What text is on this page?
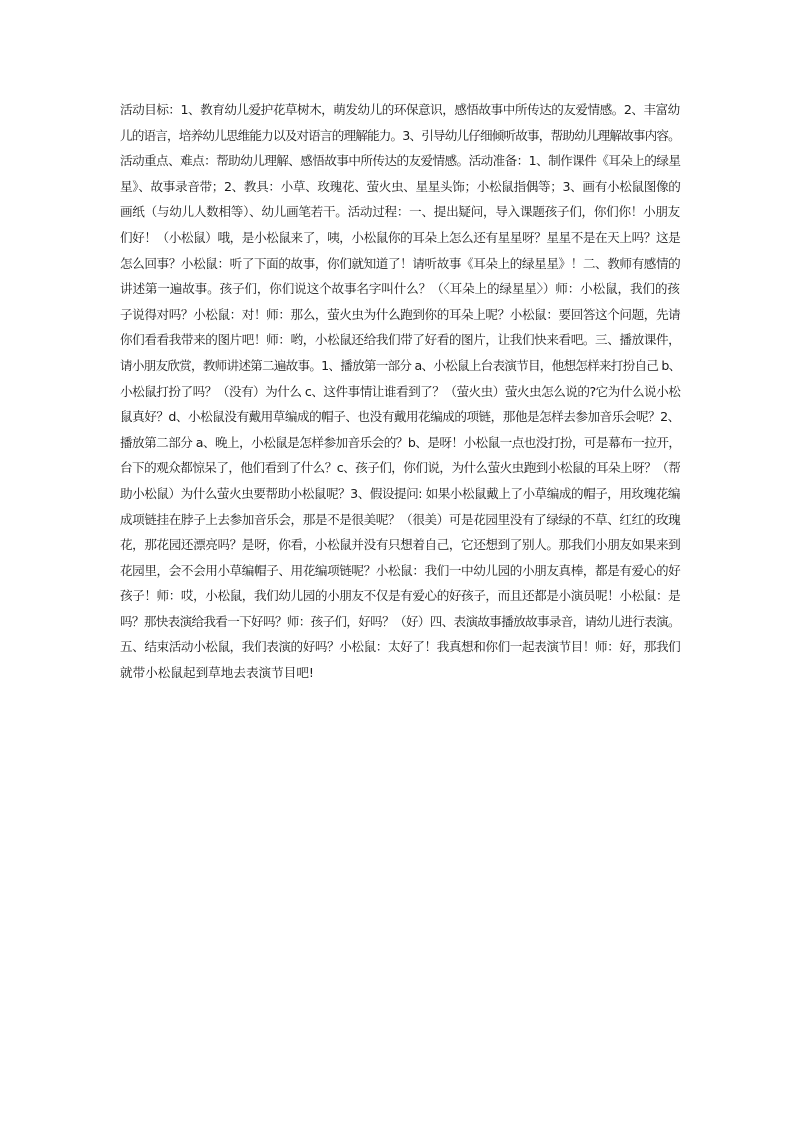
活动目标：1、教育幼儿爱护花草树木，萌发幼儿的环保意识，感悟故事中所传达的友爱情感。2、丰富幼
儿的语言，培养幼儿思维能力以及对语言的理解能力。3、引导幼儿仔细倾听故事，帮助幼儿理解故事内容。
活动重点、难点：帮助幼儿理解、感悟故事中所传达的友爱情感。活动准备：1、制作课件《耳朵上的绿星
星》、故事录音带；2、教具：小草、玫瑰花、萤火虫、星星头饰；小松鼠指偶等；3、画有小松鼠图像的
画纸（与幼儿人数相等）、幼儿画笔若干。活动过程：一、提出疑问，导入课题孩子们，你们你！小朋友
们好！（小松鼠）哦，是小松鼠来了，咦，小松鼠你的耳朵上怎么还有星星呀？星星不是在天上吗？这是
怎么回事？小松鼠：听了下面的故事，你们就知道了！请听故事《耳朵上的绿星星》！二、教师有感情的
讲述第一遍故事。孩子们，你们说这个故事名字叫什么？（〈耳朵上的绿星星〉）师：小松鼠，我们的孩
子说得对吗？小松鼠：对！师：那么，萤火虫为什么跑到你的耳朵上呢？小松鼠：要回答这个问题，先请
你们看看我带来的图片吧！师：哟，小松鼠还给我们带了好看的图片，让我们快来看吧。三、播放课件，
请小朋友欣赏，教师讲述第二遍故事。1、播放第一部分 a、小松鼠上台表演节目，他想怎样来打扮自己 b、
小松鼠打扮了吗？（没有）为什么 c、这件事情让谁看到了？（萤火虫）萤火虫怎么说的?它为什么说小松
鼠真好？d、小松鼠没有戴用草编成的帽子、也没有戴用花编成的项链，那他是怎样去参加音乐会呢？2、
播放第二部分 a、晚上，小松鼠是怎样参加音乐会的？b、是呀！小松鼠一点也没打扮，可是幕布一拉开，
台下的观众都惊呆了，他们看到了什么？c、孩子们，你们说，为什么萤火虫跑到小松鼠的耳朵上呀？（帮
助小松鼠）为什么萤火虫要帮助小松鼠呢？3、假设提问: 如果小松鼠戴上了小草编成的帽子，用玫瑰花编
成项链挂在脖子上去参加音乐会，那是不是很美呢？（很美）可是花园里没有了绿绿的不草、红红的玫瑰
花，那花园还漂亮吗？是呀，你看，小松鼠并没有只想着自己，它还想到了别人。那我们小朋友如果来到
花园里，会不会用小草编帽子、用花编项链呢？小松鼠：我们一中幼儿园的小朋友真棒，都是有爱心的好
孩子！师：哎，小松鼠，我们幼儿园的小朋友不仅是有爱心的好孩子，而且还都是小演员呢！小松鼠：是
吗？那快表演给我看一下好吗？师：孩子们，好吗？（好）四、表演故事播放故事录音，请幼儿进行表演。
五、结束活动小松鼠，我们表演的好吗？小松鼠：太好了！我真想和你们一起表演节目！师：好，那我们
就带小松鼠起到草地去表演节目吧!
